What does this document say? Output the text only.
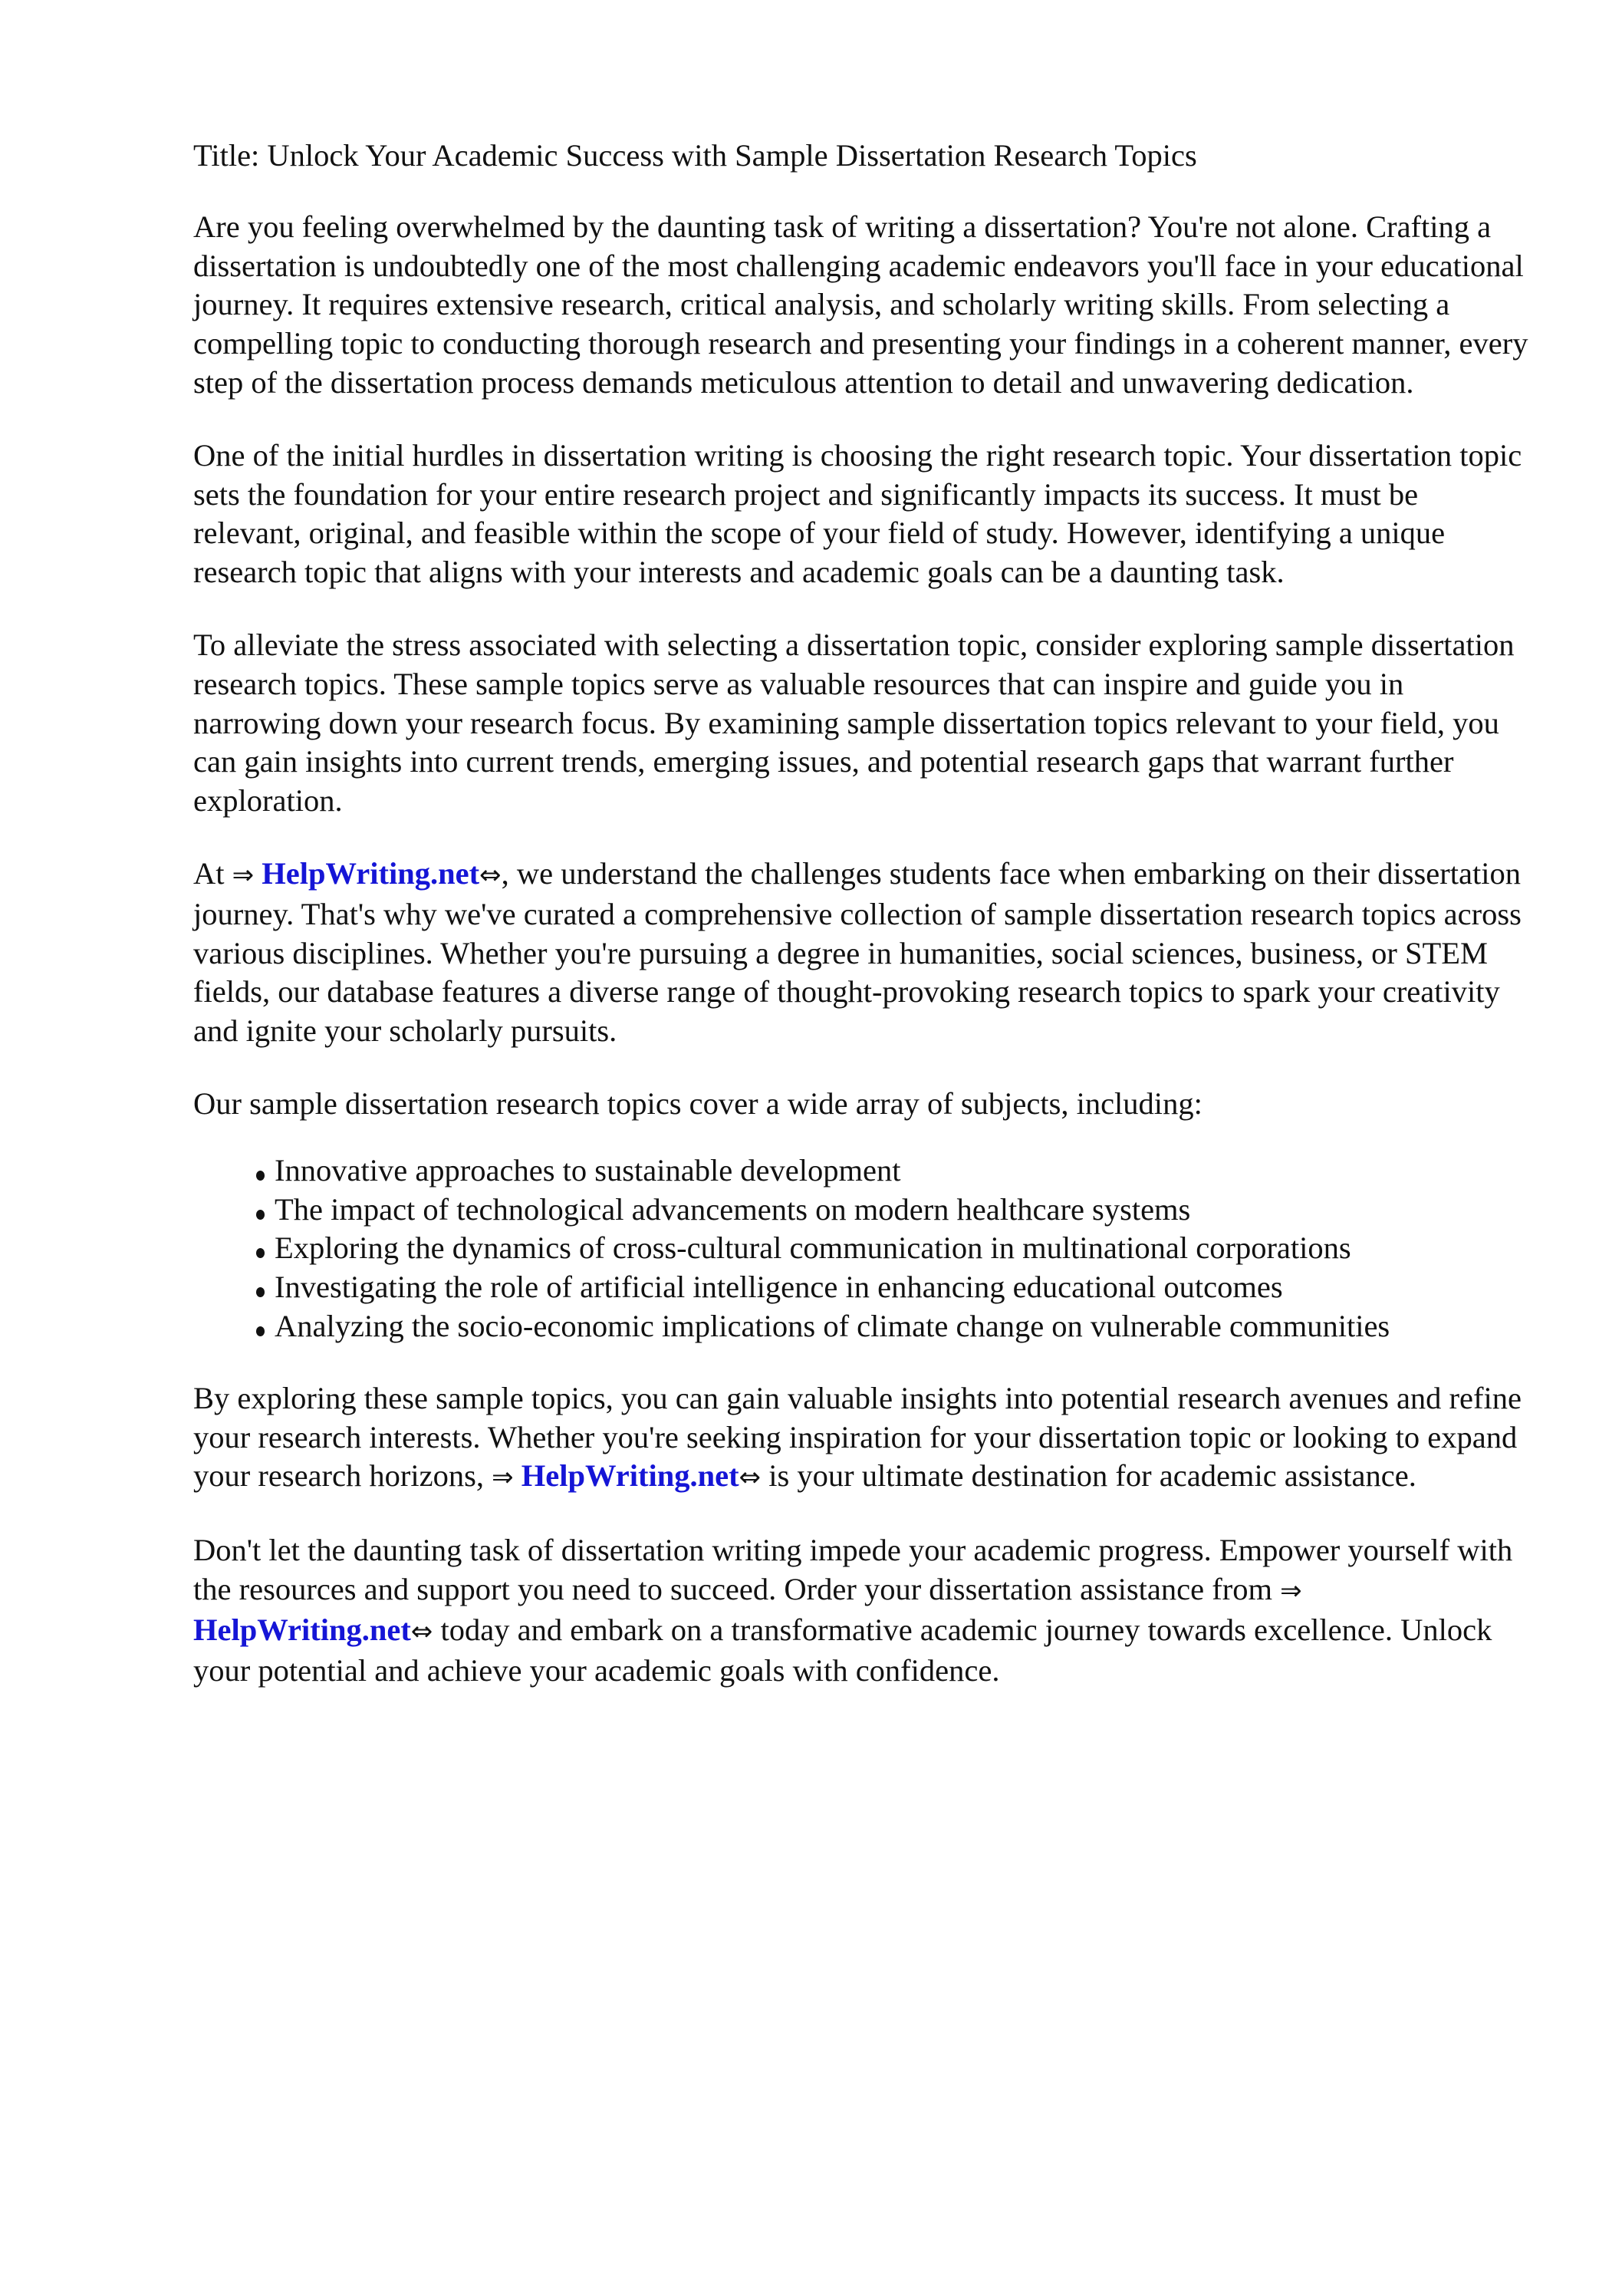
Title: Unlock Your Academic Success with Sample Dissertation Research Topics

Are you feeling overwhelmed by the daunting task of writing a dissertation? You're not alone. Crafting a dissertation is undoubtedly one of the most challenging academic endeavors you'll face in your educational journey. It requires extensive research, critical analysis, and scholarly writing skills. From selecting a compelling topic to conducting thorough research and presenting your findings in a coherent manner, every step of the dissertation process demands meticulous attention to detail and unwavering dedication.

One of the initial hurdles in dissertation writing is choosing the right research topic. Your dissertation topic sets the foundation for your entire research project and significantly impacts its success. It must be relevant, original, and feasible within the scope of your field of study. However, identifying a unique research topic that aligns with your interests and academic goals can be a daunting task.

To alleviate the stress associated with selecting a dissertation topic, consider exploring sample dissertation research topics. These sample topics serve as valuable resources that can inspire and guide you in narrowing down your research focus. By examining sample dissertation topics relevant to your field, you can gain insights into current trends, emerging issues, and potential research gaps that warrant further exploration.

At ⇒ HelpWriting.net⇔, we understand the challenges students face when embarking on their dissertation journey. That's why we've curated a comprehensive collection of sample dissertation research topics across various disciplines. Whether you're pursuing a degree in humanities, social sciences, business, or STEM fields, our database features a diverse range of thought-provoking research topics to spark your creativity and ignite your scholarly pursuits.

Our sample dissertation research topics cover a wide array of subjects, including:

Innovative approaches to sustainable development
The impact of technological advancements on modern healthcare systems
Exploring the dynamics of cross-cultural communication in multinational corporations
Investigating the role of artificial intelligence in enhancing educational outcomes
Analyzing the socio-economic implications of climate change on vulnerable communities

By exploring these sample topics, you can gain valuable insights into potential research avenues and refine your research interests. Whether you're seeking inspiration for your dissertation topic or looking to expand your research horizons, ⇒ HelpWriting.net⇔ is your ultimate destination for academic assistance.

Don't let the daunting task of dissertation writing impede your academic progress. Empower yourself with the resources and support you need to succeed. Order your dissertation assistance from ⇒ HelpWriting.net⇔ today and embark on a transformative academic journey towards excellence. Unlock your potential and achieve your academic goals with confidence.
